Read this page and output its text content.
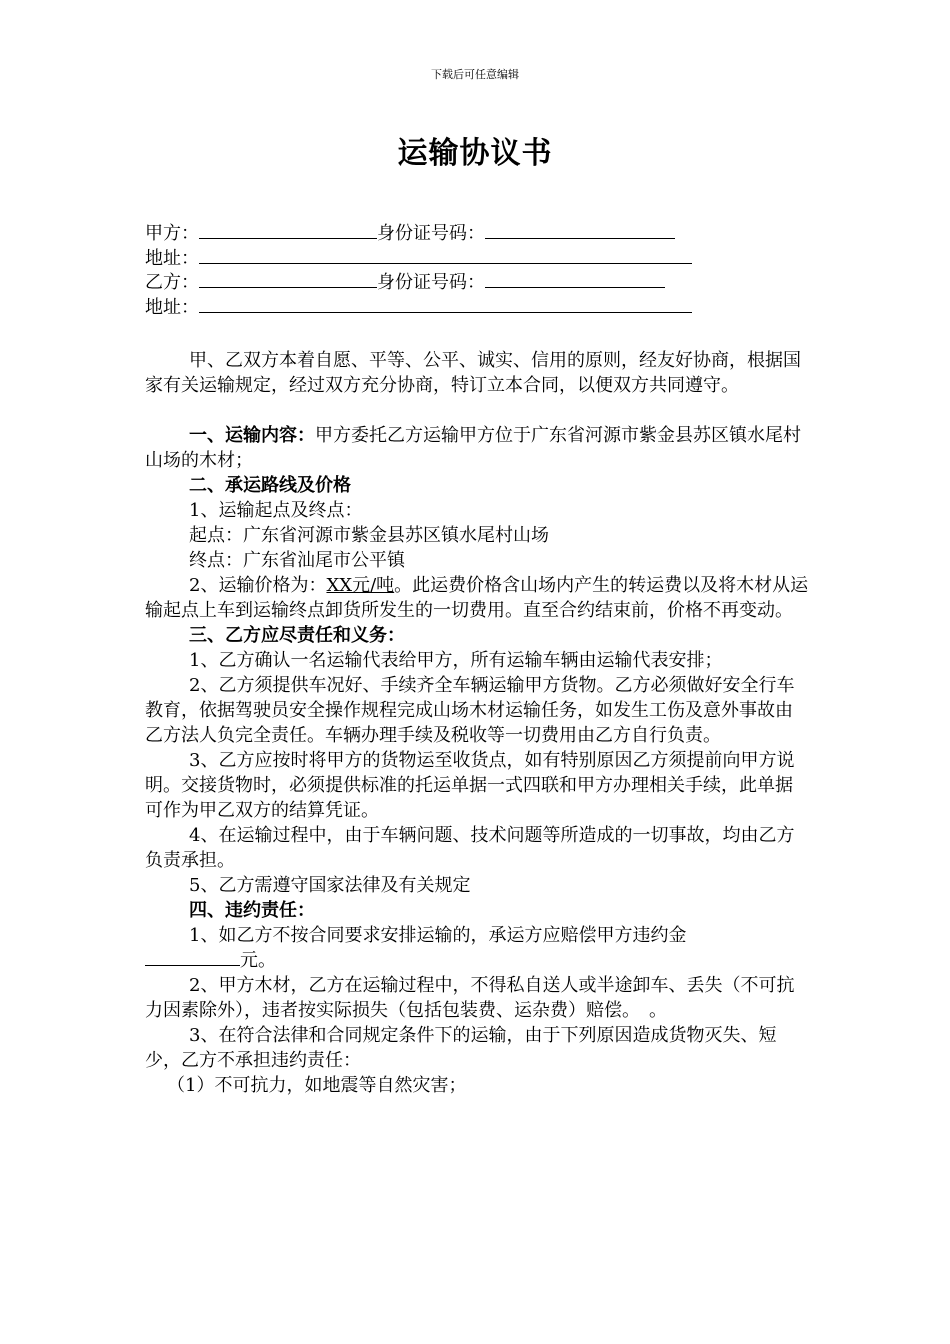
下载后可任意编辑
运输协议书
甲方：	身份证号码：
地址：
乙方：	身份证号码：
地址：

甲、乙双方本着自愿、平等、公平、诚实、信用的原则，经友好协商，根据国家有关运输规定，经过双方充分协商，特订立本合同，以便双方共同遵守。

一、运输内容：甲方委托乙方运输甲方位于广东省河源市紫金县苏区镇水尾村山场的木材；

二、承运路线及价格

1、运输起点及终点：

起点：广东省河源市紫金县苏区镇水尾村山场

终点：广东省汕尾市公平镇

2、运输价格为：XX元/吨。此运费价格含山场内产生的转运费以及将木材从运输起点上车到运输终点卸货所发生的一切费用。直至合约结束前，价格不再变动。

三、乙方应尽责任和义务：

1、乙方确认一名运输代表给甲方，所有运输车辆由运输代表安排；

2、乙方须提供车况好、手续齐全车辆运输甲方货物。乙方必须做好安全行车教育，依据驾驶员安全操作规程完成山场木材运输任务，如发生工伤及意外事故由乙方法人负完全责任。车辆办理手续及税收等一切费用由乙方自行负责。

3、乙方应按时将甲方的货物运至收货点，如有特别原因乙方须提前向甲方说明。交接货物时，必须提供标准的托运单据一式四联和甲方办理相关手续，此单据可作为甲乙双方的结算凭证。

4、在运输过程中，由于车辆问题、技术问题等所造成的一切事故，均由乙方负责承担。

5、乙方需遵守国家法律及有关规定

四、违约责任：

1、如乙方不按合同要求安排运输的，承运方应赔偿甲方违约金
元。

2、甲方木材，乙方在运输过程中，不得私自送人或半途卸车、丢失（不可抗力因素除外），违者按实际损失（包括包装费、运杂费）赔偿。　。

3、在符合法律和合同规定条件下的运输，由于下列原因造成货物灭失、短少，乙方不承担违约责任：

（1）不可抗力，如地震等自然灾害；
